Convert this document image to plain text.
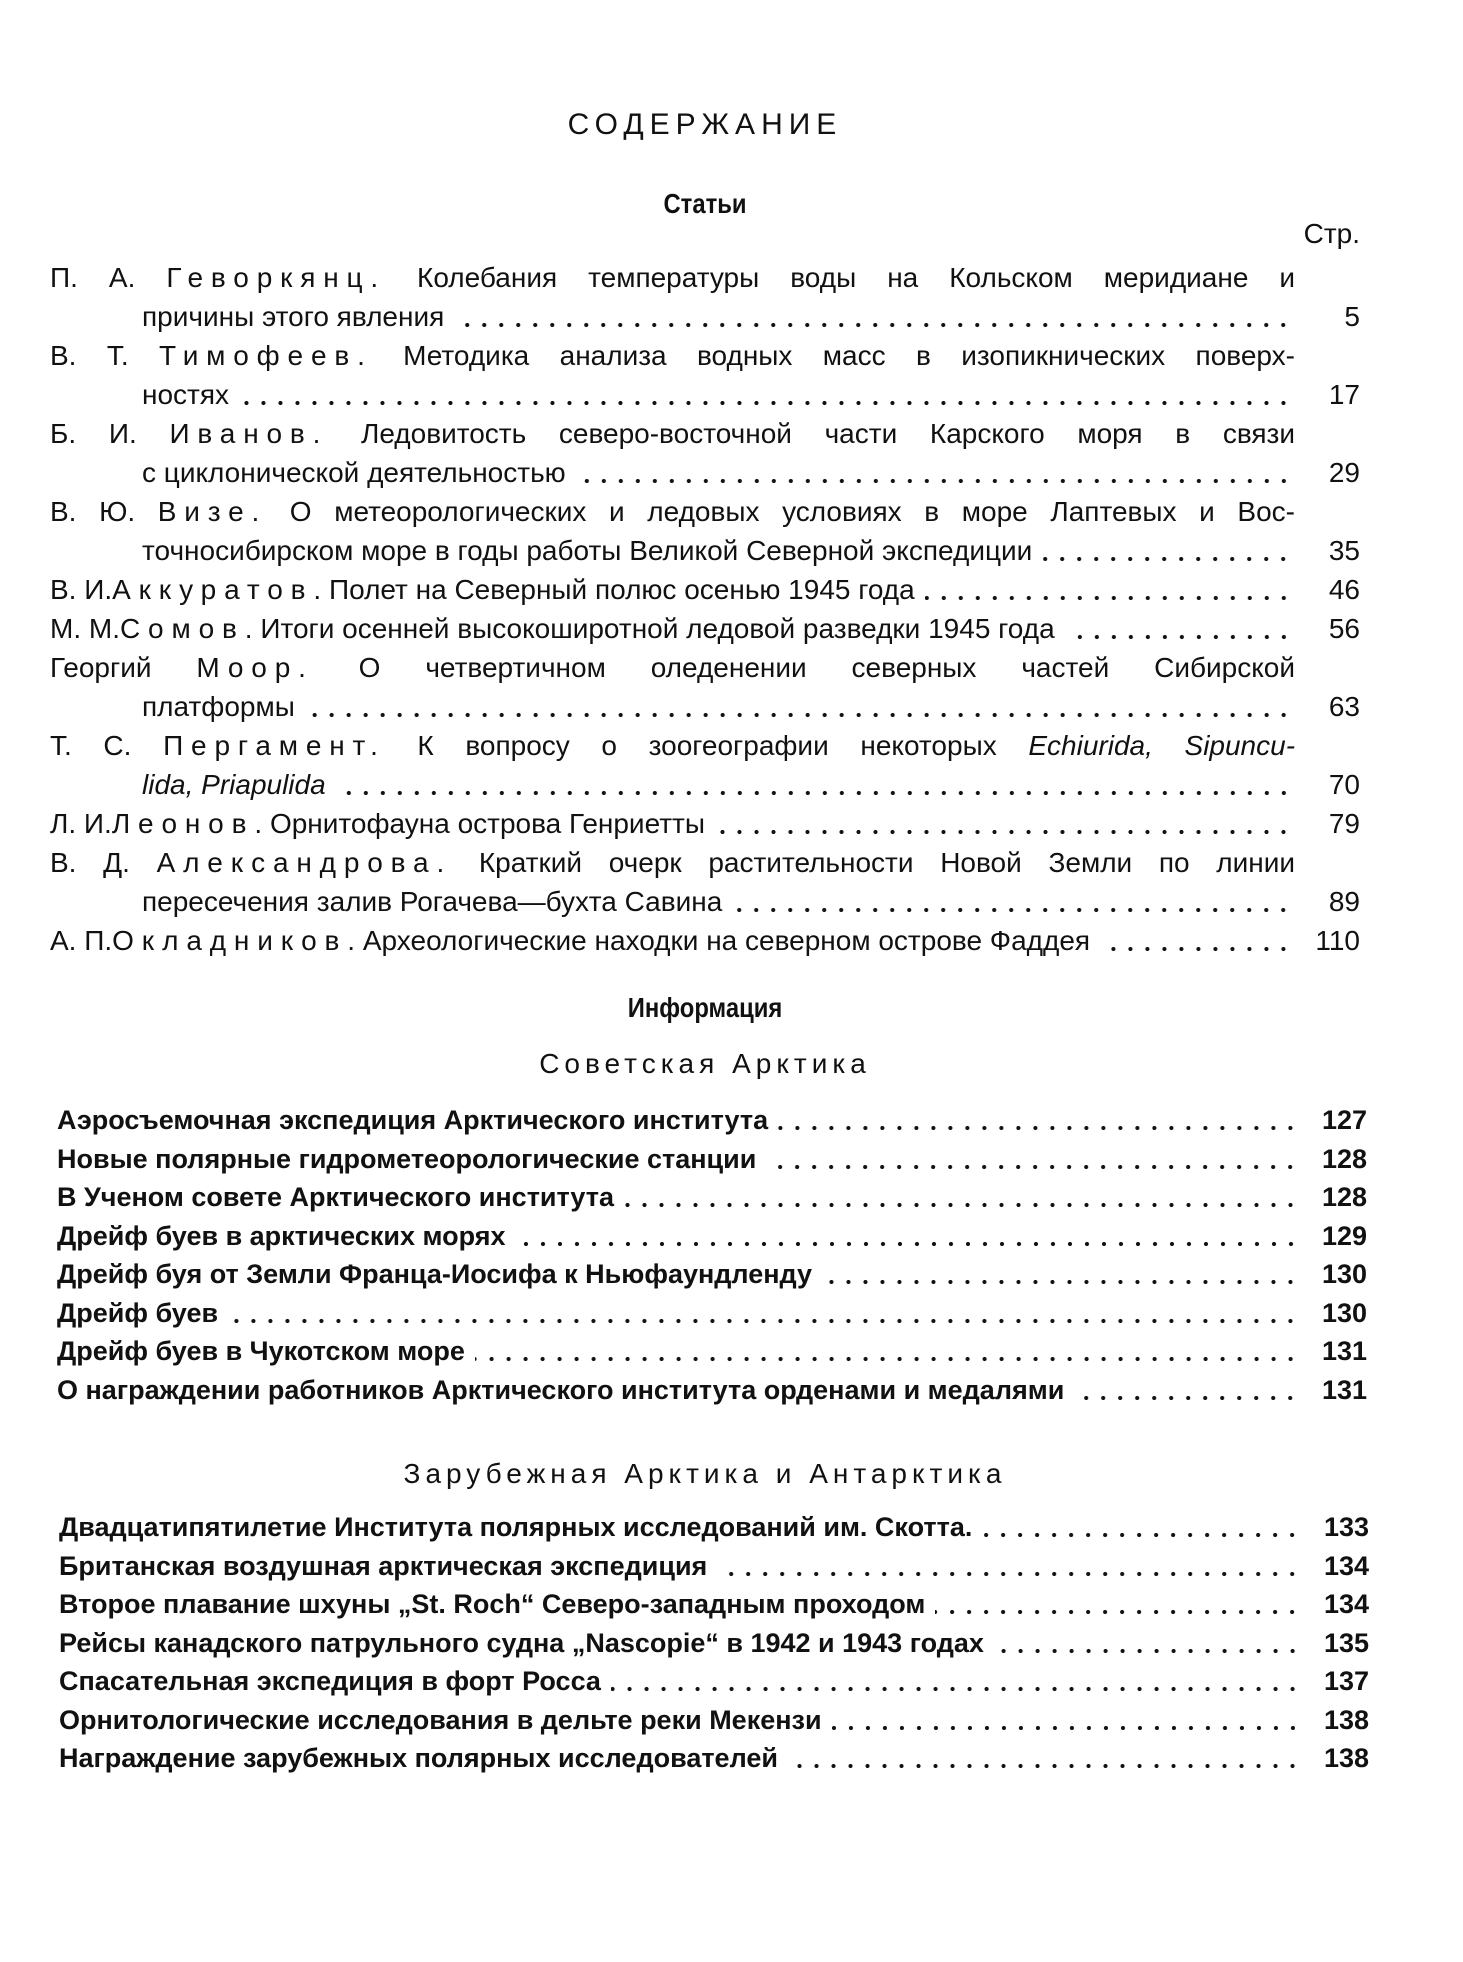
СОДЕРЖАНИЕ
Статьи
Стр.
П. А. Геворкянц. Колебания температуры воды на Кольском меридиане и
причины этого явления	5
В. Т. Тимофеев. Методика анализа водных масс в изопикнических поверх-
ностях	17
Б. И. Иванов. Ледовитость северо-восточной части Карского моря в связи
с циклонической деятельностью	29
В. Ю. Визе. О метеорологических и ледовых условиях в море Лаптевых и Вос-
точносибирском море в годы работы Великой Северной экспедиции	35
В. И. Аккуратов. Полет на Северный полюс осенью 1945 года	46
М. М. Сомов. Итоги осенней высокоширотной ледовой разведки 1945 года	56
Георгий Моор. О четвертичном оледенении северных частей Сибирской
платформы	63
Т. С. Пергамент. К вопросу о зоогеографии некоторых Echiurida, Sipuncu-
lida, Priapulida	70
Л. И. Леонов. Орнитофауна острова Генриетты	79
В. Д. Александрова. Краткий очерк растительности Новой Земли по линии
пересечения залив Рогачева—бухта Савина	89
А. П. Окладников. Археологические находки на северном острове Фаддея	110
Информация
Советская Арктика
Аэросъемочная экспедиция Арктического института	127
Новые полярные гидрометеорологические станции	128
В Ученом совете Арктического института	128
Дрейф буев в арктических морях	129
Дрейф буя от Земли Франца-Иосифа к Ньюфаундленду	130
Дрейф буев	130
Дрейф буев в Чукотском море	131
О награждении работников Арктического института орденами и медалями	131
Зарубежная Арктика и Антарктика
Двадцатипятилетие Института полярных исследований им. Скотта.	133
Британская воздушная арктическая экспедиция	134
Второе плавание шхуны „St. Roch“ Северо-западным проходом	134
Рейсы канадского патрульного судна „Nascopie“ в 1942 и 1943 годах	135
Спасательная экспедиция в форт Росса	137
Орнитологические исследования в дельте реки Мекензи	138
Награждение зарубежных полярных исследователей	138
